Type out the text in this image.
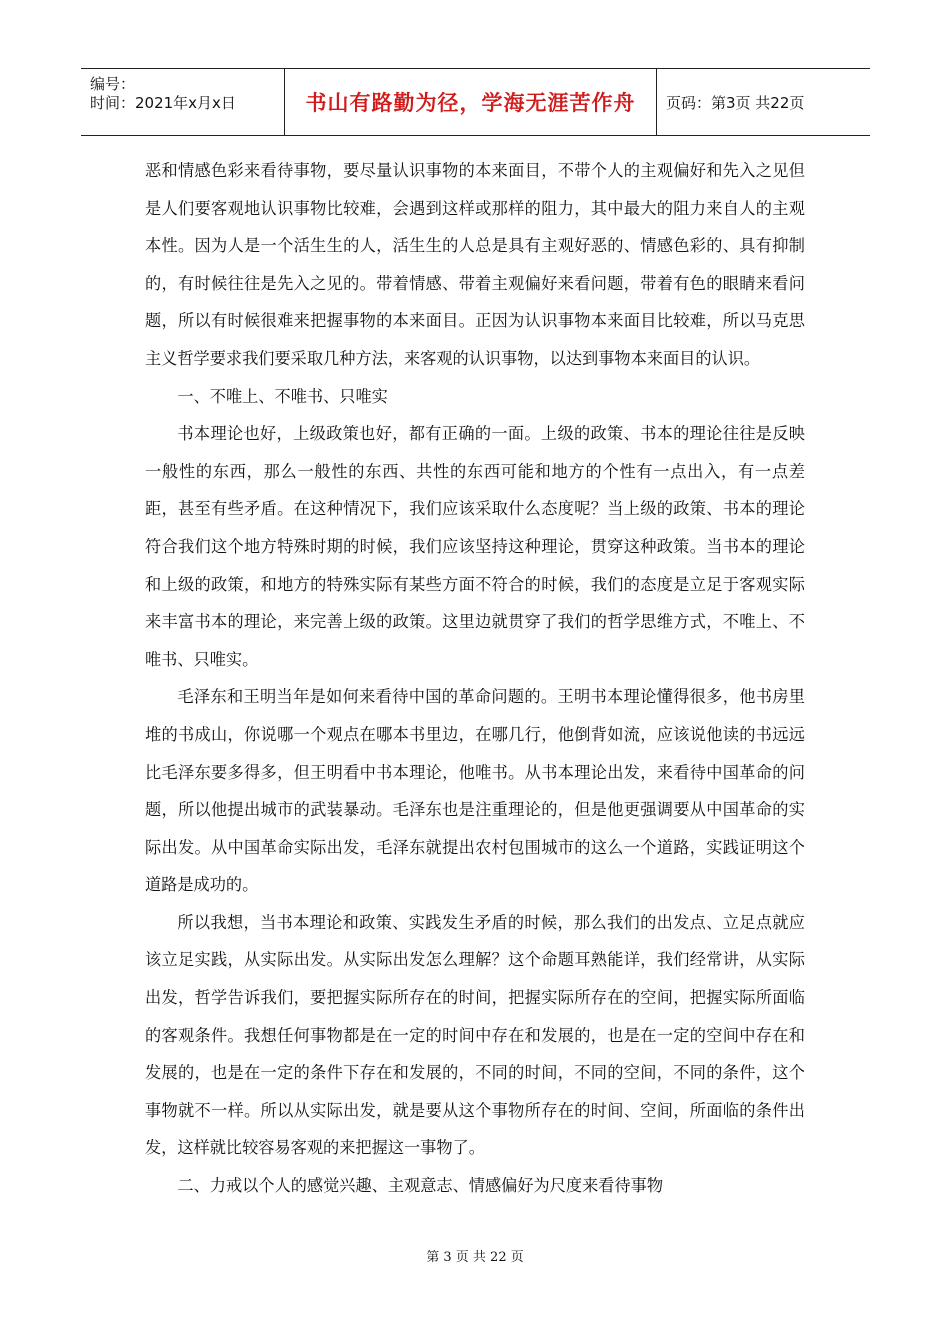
编号：
时间：2021年x月x日	书山有路勤为径，学海无涯苦作舟 页码：第3页 共22页

恶和情感色彩来看待事物，要尽量认识事物的本来面目，不带个人的主观偏好和先入之见但是人们要客观地认识事物比较难，会遇到这样或那样的阻力，其中最大的阻力来自人的主观本性。因为人是一个活生生的人，活生生的人总是具有主观好恶的、情感色彩的、具有抑制的，有时候往往是先入之见的。带着情感、带着主观偏好来看问题，带着有色的眼睛来看问题，所以有时候很难来把握事物的本来面目。正因为认识事物本来面目比较难，所以马克思主义哲学要求我们要采取几种方法，来客观的认识事物，以达到事物本来面目的认识。

一、不唯上、不唯书、只唯实

书本理论也好，上级政策也好，都有正确的一面。上级的政策、书本的理论往往是反映一般性的东西，那么一般性的东西、共性的东西可能和地方的个性有一点出入，有一点差距，甚至有些矛盾。在这种情况下，我们应该采取什么态度呢？当上级的政策、书本的理论符合我们这个地方特殊时期的时候，我们应该坚持这种理论，贯穿这种政策。当书本的理论和上级的政策，和地方的特殊实际有某些方面不符合的时候，我们的态度是立足于客观实际来丰富书本的理论，来完善上级的政策。这里边就贯穿了我们的哲学思维方式，不唯上、不唯书、只唯实。

毛泽东和王明当年是如何来看待中国的革命问题的。王明书本理论懂得很多，他书房里堆的书成山，你说哪一个观点在哪本书里边，在哪几行，他倒背如流，应该说他读的书远远比毛泽东要多得多，但王明看中书本理论，他唯书。从书本理论出发，来看待中国革命的问题，所以他提出城市的武装暴动。毛泽东也是注重理论的，但是他更强调要从中国革命的实际出发。从中国革命实际出发，毛泽东就提出农村包围城市的这么一个道路，实践证明这个道路是成功的。

所以我想，当书本理论和政策、实践发生矛盾的时候，那么我们的出发点、立足点就应该立足实践，从实际出发。从实际出发怎么理解？这个命题耳熟能详，我们经常讲，从实际出发，哲学告诉我们，要把握实际所存在的时间，把握实际所存在的空间，把握实际所面临的客观条件。我想任何事物都是在一定的时间中存在和发展的，也是在一定的空间中存在和发展的，也是在一定的条件下存在和发展的，不同的时间，不同的空间，不同的条件，这个事物就不一样。所以从实际出发，就是要从这个事物所存在的时间、空间，所面临的条件出发，这样就比较容易客观的来把握这一事物了。

二、力戒以个人的感觉兴趣、主观意志、情感偏好为尺度来看待事物

第 3 页 共 22 页
